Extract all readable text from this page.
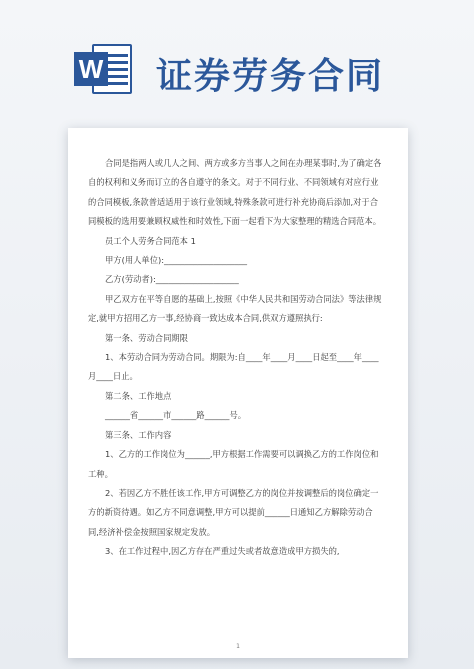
W 证券劳务合同

合同是指两人或几人之间、两方或多方当事人之间在办理某事时,为了确定各自的权利和义务而订立的各自遵守的条文。对于不同行业、不同领域有对应行业的合同模板,条款普适适用于该行业领域,特殊条款可进行补充协商后添加,对于合同模板的选用要兼顾权威性和时效性,下面一起看下为大家整理的精选合同范本。

员工个人劳务合同范本 1

甲方(用人单位):____________________

乙方(劳动者):____________________

甲乙双方在平等自愿的基础上,按照《中华人民共和国劳动合同法》等法律规定,就甲方招用乙方一事,经协商一致达成本合同,供双方遵照执行:

第一条、劳动合同期限

1、本劳动合同为劳动合同。期限为:自____年____月____日起至____年____月____日止。

第二条、工作地点

______省______市______路______号。

第三条、工作内容

1、乙方的工作岗位为______,甲方根据工作需要可以调换乙方的工作岗位和工种。

2、若因乙方不胜任该工作,甲方可调整乙方的岗位并按调整后的岗位确定一方的新资待遇。如乙方不同意调整,甲方可以提前______日通知乙方解除劳动合同,经济补偿金按照国家规定发放。

3、在工作过程中,因乙方存在严重过失或者故意造成甲方损失的,

1
